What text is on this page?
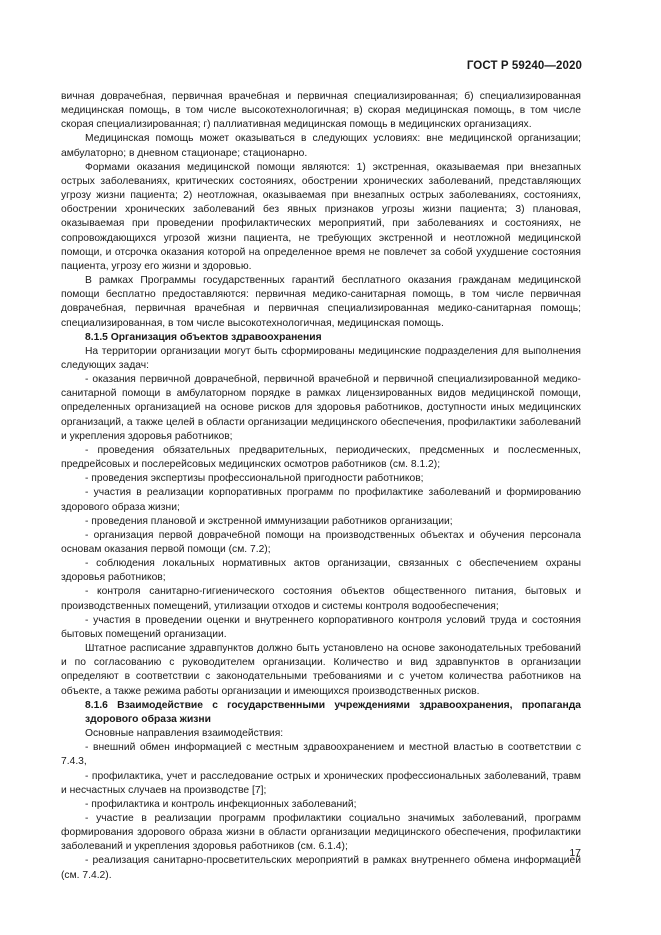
ГОСТ Р 59240—2020

вичная доврачебная, первичная врачебная и первичная специализированная; б) специализированная медицинская помощь, в том числе высокотехнологичная; в) скорая медицинская помощь, в том числе скорая специализированная; г) паллиативная медицинская помощь в медицинских организациях.

Медицинская помощь может оказываться в следующих условиях: вне медицинской организации; амбулаторно; в дневном стационаре; стационарно.

Формами оказания медицинской помощи являются: 1) экстренная, оказываемая при внезапных острых заболеваниях, критических состояниях, обострении хронических заболеваний, представляющих угрозу жизни пациента; 2) неотложная, оказываемая при внезапных острых заболеваниях, состояниях, обострении хронических заболеваний без явных признаков угрозы жизни пациента; 3) плановая, оказываемая при проведении профилактических мероприятий, при заболеваниях и состояниях, не сопровождающихся угрозой жизни пациента, не требующих экстренной и неотложной медицинской помощи, и отсрочка оказания которой на определенное время не повлечет за собой ухудшение состояния пациента, угрозу его жизни и здоровью.

В рамках Программы государственных гарантий бесплатного оказания гражданам медицинской помощи бесплатно предоставляются: первичная медико-санитарная помощь, в том числе первичная доврачебная, первичная врачебная и первичная специализированная медико-санитарная помощь; специализированная, в том числе высокотехнологичная, медицинская помощь.

8.1.5 Организация объектов здравоохранения

На территории организации могут быть сформированы медицинские подразделения для выполнения следующих задач:

- оказания первичной доврачебной, первичной врачебной и первичной специализированной медико-санитарной помощи в амбулаторном порядке в рамках лицензированных видов медицинской помощи, определенных организацией на основе рисков для здоровья работников, доступности иных медицинских организаций, а также целей в области организации медицинского обеспечения, профилактики заболеваний и укрепления здоровья работников;

- проведения обязательных предварительных, периодических, предсменных и послесменных, предрейсовых и послерейсовых медицинских осмотров работников (см. 8.1.2);

- проведения экспертизы профессиональной пригодности работников;

- участия в реализации корпоративных программ по профилактике заболеваний и формированию здорового образа жизни;

- проведения плановой и экстренной иммунизации работников организации;

- организация первой доврачебной помощи на производственных объектах и обучения персонала основам оказания первой помощи (см. 7.2);

- соблюдения локальных нормативных актов организации, связанных с обеспечением охраны здоровья работников;

- контроля санитарно-гигиенического состояния объектов общественного питания, бытовых и производственных помещений, утилизации отходов и системы контроля водообеспечения;

- участия в проведении оценки и внутреннего корпоративного контроля условий труда и состояния бытовых помещений организации.

Штатное расписание здравпунктов должно быть установлено на основе законодательных требований и по согласованию с руководителем организации. Количество и вид здравпунктов в организации определяют в соответствии с законодательными требованиями и с учетом количества работников на объекте, а также режима работы организации и имеющихся производственных рисков.

8.1.6 Взаимодействие с государственными учреждениями здравоохранения, пропаганда здорового образа жизни

Основные направления взаимодействия:

- внешний обмен информацией с местным здравоохранением и местной властью в соответствии с 7.4.3,

- профилактика, учет и расследование острых и хронических профессиональных заболеваний, травм и несчастных случаев на производстве [7];

- профилактика и контроль инфекционных заболеваний;

- участие в реализации программ профилактики социально значимых заболеваний, программ формирования здорового образа жизни в области организации медицинского обеспечения, профилактики заболеваний и укрепления здоровья работников (см. 6.1.4);

- реализация санитарно-просветительских мероприятий в рамках внутреннего обмена информацией (см. 7.4.2).

17
